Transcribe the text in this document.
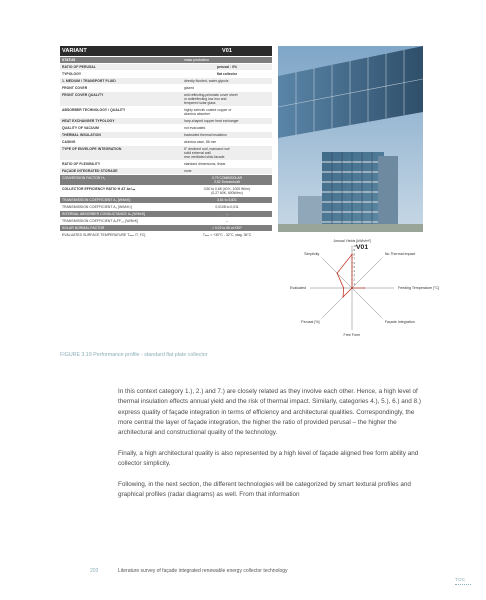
VARIANT	V01
STATUS	mass production
RATIO OF PERUSAL	perusal : 0%
TYPOLOGY	flat collector
1. MEDIUM / TRANSPORT FLUID	directly flooded, water-glycols
FRONT COVER	glazed
FRONT COVER QUALITY	anti-reflecting-prismatic cover sheet
or antireflecting low iron and
tempered solar glass
ABSORBER TECHNOLOGY / QUALITY	highly selectiv coated copper or
alumina absorber
HEAT EXCHANGER TYPOLOGY	harp-shaped copper heat exchanger
QUALITY OF VACUUM	not evacuated
THERMAL INSULATION	backsided thermal insulation
CASING	alumina case, 86 mm
TYPE OF ENVELOPE INTEGRATION	5° declined roof, mansard roof
solid external wall
rear ventilated stick-facade
RATIO OF FLEXIBILITY	standard dimensions, linear
FAÇADE INTEGRATED STORAGE	none
CONVERSION FACTOR Η₀	0,79 COMBISOLAR
0,82 Sonnenkraft
COLLECTOR EFFICIENCY RATIO Η AT Δᴛ/ₑₘ	0,50 to 0,65 (40 K, 1000 W/m²)
(0,27 60K, 600W/m²)
TRANSMISSION COEFFICIENT A₁ [W/M²K]	3,61 to 3,821
TRANSMISSION COEFFICIENT A₂ [W/M²K²]	0,0108 to 0,011
INTERNAL ABSORBER CONDUCTANCE Uₐ [W/M²K]	–
TRANSMISSION COEFFICIENT AₑFF,₁₀ [W/M²K]	–
SOLAR NORMAL FACTOR	> 0,02 to 06 at K50°
EVALUATED SURFACE TEMPERATURE Tₘₐₓ /T, FC]	Tₘₐₓ = +30°C - 32°C, stag. 36°C
V01
10
9
8
7
6
5
4
3
2
1
Annual Yields [kWh/m²]
No Thermal Impact
Feeding Temperature [°C]
Façade Integration
Free Form
Perusal [%]
Evaluated
Simplicity
FIGURE 3.19 Performance profile - standard flat plate collector

In this context category 1.), 2.) and 7.) are closely related as they involve each other. Hence, a high level of thermal insulation effects annual yield and the risk of thermal impact. Similarly, categories 4.), 5.), 6.) and 8.) express quality of façade integration in terms of efficiency and architectural qualities. Correspondingly, the more central the layer of façade integration, the higher the ratio of provided perusal – the higher the architectural and constructional quality of the technology.

Finally, a high architectural quality is also represented by a high level of façade aligned free form ability and collector simplicity.

Following, in the next section, the different technologies will be categorized by smart textural profiles and graphical profiles (radar diagrams) as well. From that information

203	Literature survey of façade integrated renewable energy collector technology
TOC
